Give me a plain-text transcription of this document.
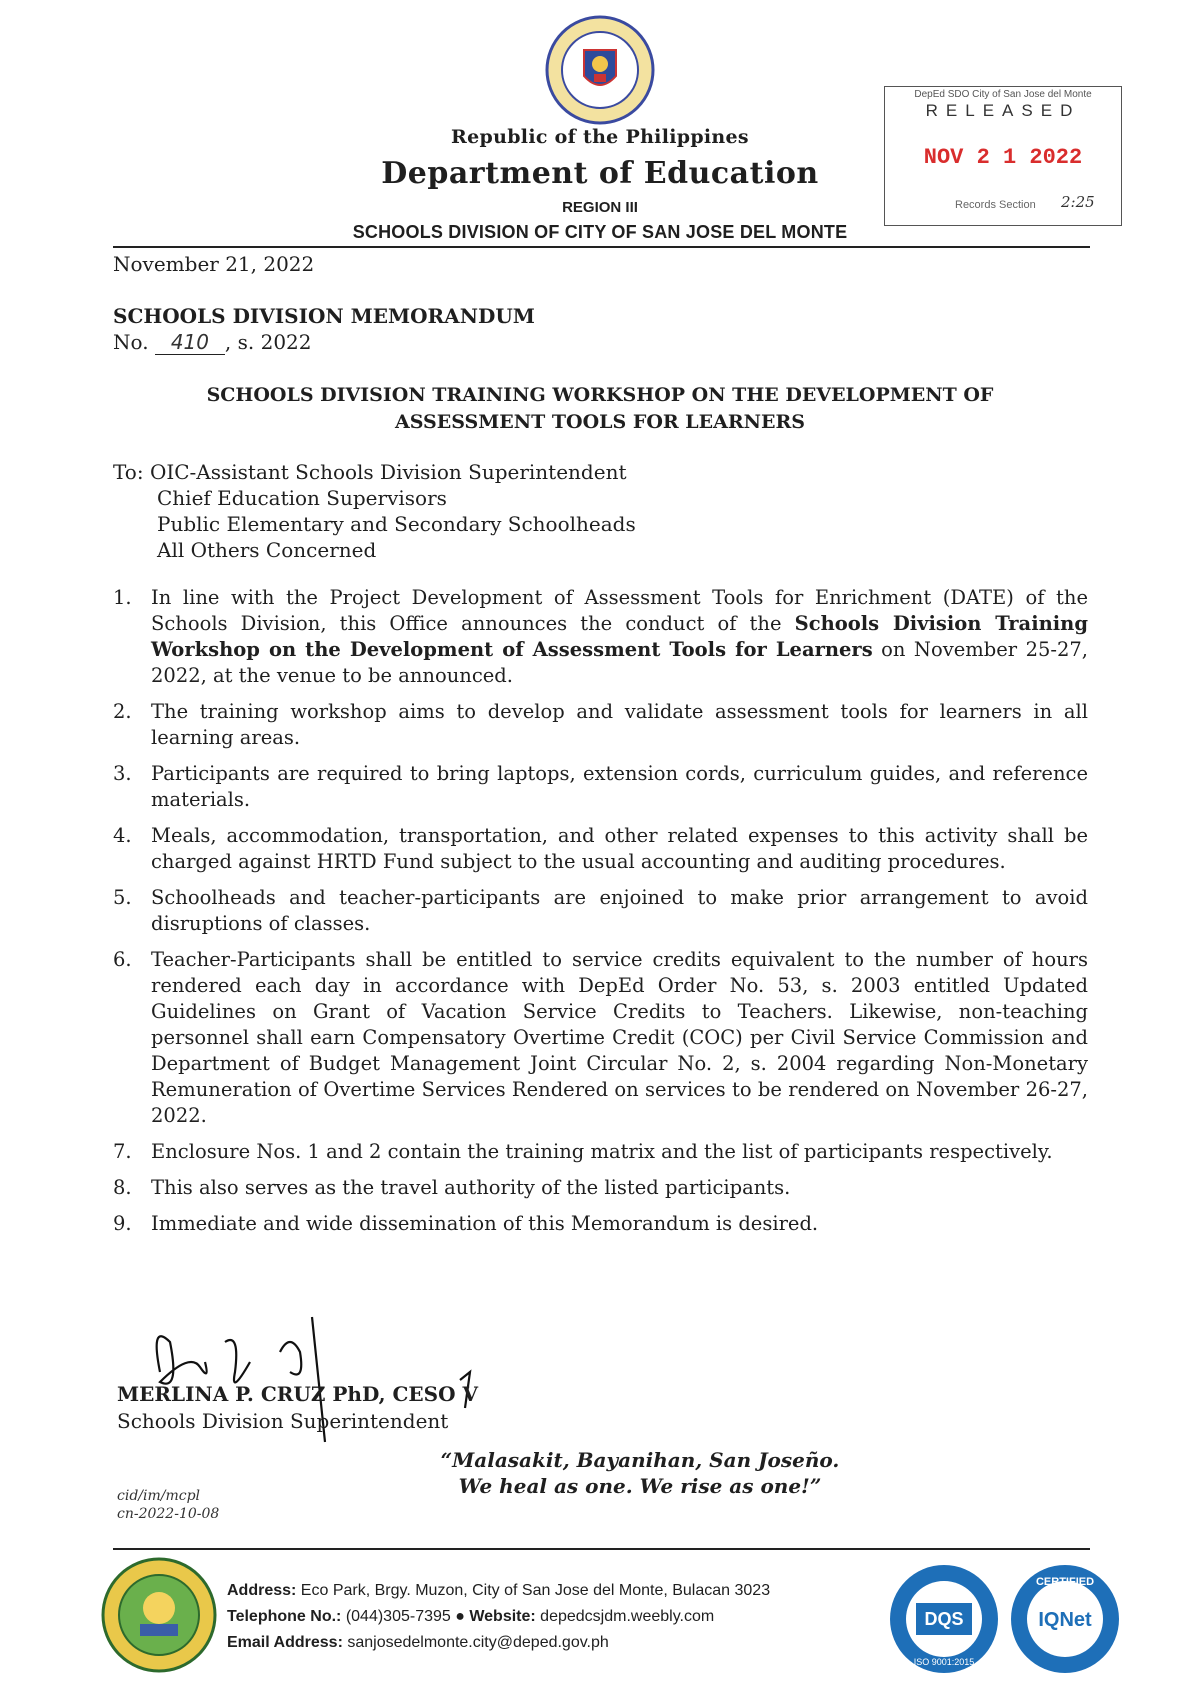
Republic of the Philippines
Department of Education
REGION III
SCHOOLS DIVISION OF CITY OF SAN JOSE DEL MONTE
DepEd SDO City of San Jose del Monte
RELEASED
NOV 2 1 2022
Records Section 2:25
November 21, 2022
SCHOOLS DIVISION MEMORANDUM
No. 410 , s. 2022
SCHOOLS DIVISION TRAINING WORKSHOP ON THE DEVELOPMENT OF
ASSESSMENT TOOLS FOR LEARNERS
To: OIC-Assistant Schools Division Superintendent
Chief Education Supervisors
Public Elementary and Secondary Schoolheads
All Others Concerned
1. In line with the Project Development of Assessment Tools for Enrichment (DATE) of the Schools Division, this Office announces the conduct of the Schools Division Training Workshop on the Development of Assessment Tools for Learners on November 25-27, 2022, at the venue to be announced.
2. The training workshop aims to develop and validate assessment tools for learners in all learning areas.
3. Participants are required to bring laptops, extension cords, curriculum guides, and reference materials.
4. Meals, accommodation, transportation, and other related expenses to this activity shall be charged against HRTD Fund subject to the usual accounting and auditing procedures.
5. Schoolheads and teacher-participants are enjoined to make prior arrangement to avoid disruptions of classes.
6. Teacher-Participants shall be entitled to service credits equivalent to the number of hours rendered each day in accordance with DepEd Order No. 53, s. 2003 entitled Updated Guidelines on Grant of Vacation Service Credits to Teachers. Likewise, non-teaching personnel shall earn Compensatory Overtime Credit (COC) per Civil Service Commission and Department of Budget Management Joint Circular No. 2, s. 2004 regarding Non-Monetary Remuneration of Overtime Services Rendered on services to be rendered on November 26-27, 2022.
7. Enclosure Nos. 1 and 2 contain the training matrix and the list of participants respectively.
8. This also serves as the travel authority of the listed participants.
9. Immediate and wide dissemination of this Memorandum is desired.
MERLINA P. CRUZ PhD, CESO V
Schools Division Superintendent
“Malasakit, Bayanihan, San Joseño.
We heal as one. We rise as one!”
cid/im/mcpl
cn-2022-10-08
Address: Eco Park, Brgy. Muzon, City of San Jose del Monte, Bulacan 3023
Telephone No.: (044)305-7395 ● Website: depedcsjdm.weebly.com
Email Address: sanjosedelmonte.city@deped.gov.ph
DQS
ISO 9001:2015
CERTIFIED
IQNet
